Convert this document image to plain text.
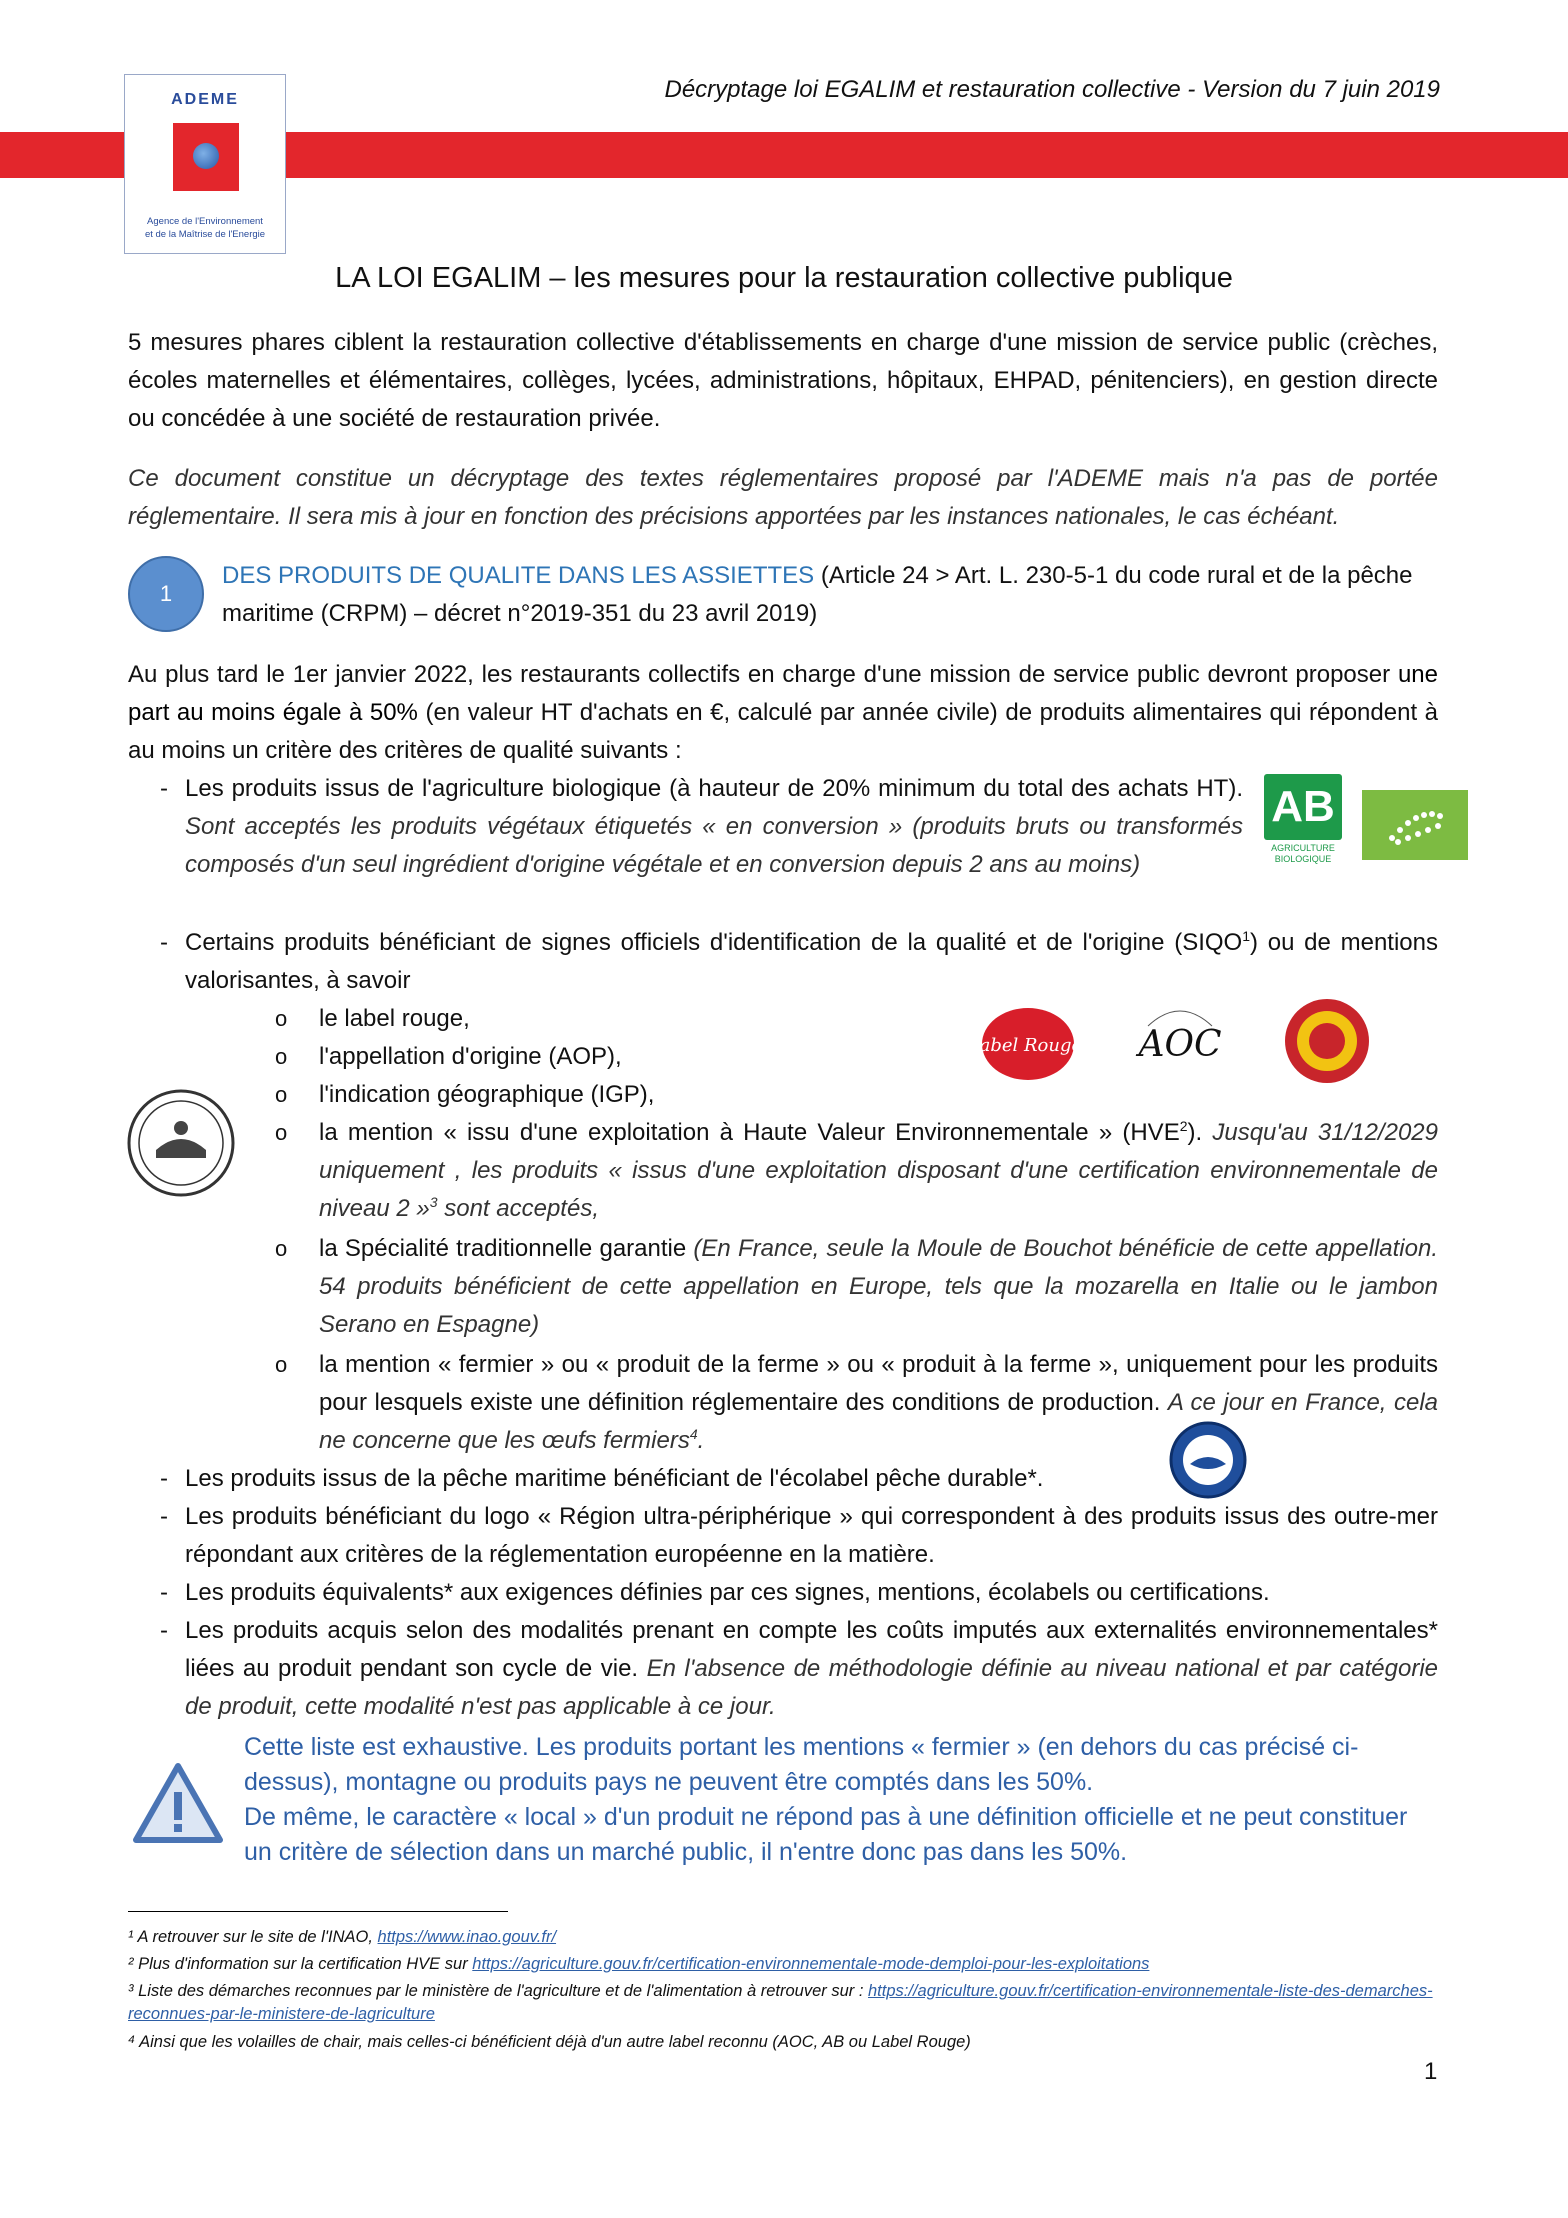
ADEME
Agence de l'Environnement
et de la Maîtrise de l'Energie
Décryptage loi EGALIM et restauration collective - Version du 7 juin 2019
LA LOI EGALIM – les mesures pour la restauration collective publique
5 mesures phares ciblent la restauration collective d'établissements en charge d'une mission de service public (crèches, écoles maternelles et élémentaires, collèges, lycées, administrations, hôpitaux, EHPAD, pénitenciers), en gestion directe ou concédée à une société de restauration privée.
Ce document constitue un décryptage des textes réglementaires proposé par l'ADEME mais n'a pas de portée réglementaire. Il sera mis à jour en fonction des précisions apportées par les instances nationales, le cas échéant.
1
DES PRODUITS DE QUALITE DANS LES ASSIETTES (Article 24 > Art. L. 230-5-1 du code rural et de la pêche maritime (CRPM) – décret n°2019-351 du 23 avril 2019)
Au plus tard le 1er janvier 2022, les restaurants collectifs en charge d'une mission de service public devront proposer une part au moins égale à 50% (en valeur HT d'achats en €, calculé par année civile) de produits alimentaires qui répondent à au moins un critère des critères de qualité suivants :
- Les produits issus de l'agriculture biologique (à hauteur de 20% minimum du total des achats HT). Sont acceptés les produits végétaux étiquetés « en conversion » (produits bruts ou transformés composés d'un seul ingrédient d'origine végétale et en conversion depuis 2 ans au moins)
AB
AGRICULTURE
BIOLOGIQUE
- Certains produits bénéficiant de signes officiels d'identification de la qualité et de l'origine (SIQO$^1$) ou de mentions valorisantes, à savoir
o le label rouge,
o l'appellation d'origine (AOP),
o l'indication géographique (IGP),
label Rouge AOC
o la mention « issu d'une exploitation à Haute Valeur Environnementale » (HVE$^2$). Jusqu'au 31/12/2029 uniquement , les produits « issus d'une exploitation disposant d'une certification environnementale de niveau 2 »$^3$ sont acceptés,
o la Spécialité traditionnelle garantie (En France, seule la Moule de Bouchot bénéficie de cette appellation. 54 produits bénéficient de cette appellation en Europe, tels que la mozarella en Italie ou le jambon Serano en Espagne)
o la mention « fermier » ou « produit de la ferme » ou « produit à la ferme », uniquement pour les produits pour lesquels existe une définition réglementaire des conditions de production. A ce jour en France, cela ne concerne que les œufs fermiers$^4$.
- Les produits issus de la pêche maritime bénéficiant de l'écolabel pêche durable*.
- Les produits bénéficiant du logo « Région ultra-périphérique » qui correspondent à des produits issus des outre-mer répondant aux critères de la réglementation européenne en la matière.
- Les produits équivalents* aux exigences définies par ces signes, mentions, écolabels ou certifications.
- Les produits acquis selon des modalités prenant en compte les coûts imputés aux externalités environnementales* liées au produit pendant son cycle de vie. En l'absence de méthodologie définie au niveau national et par catégorie de produit, cette modalité n'est pas applicable à ce jour.
Cette liste est exhaustive. Les produits portant les mentions « fermier » (en dehors du cas précisé ci-dessus), montagne ou produits pays ne peuvent être comptés dans les 50%.
De même, le caractère « local » d'un produit ne répond pas à une définition officielle et ne peut constituer un critère de sélection dans un marché public, il n'entre donc pas dans les 50%.
¹ A retrouver sur le site de l'INAO, https://www.inao.gouv.fr/
² Plus d'information sur la certification HVE sur https://agriculture.gouv.fr/certification-environnementale-mode-demploi-pour-les-exploitations
³ Liste des démarches reconnues par le ministère de l'agriculture et de l'alimentation à retrouver sur : https://agriculture.gouv.fr/certification-environnementale-liste-des-demarches-reconnues-par-le-ministere-de-lagriculture
⁴ Ainsi que les volailles de chair, mais celles-ci bénéficient déjà d'un autre label reconnu (AOC, AB ou Label Rouge)
1
